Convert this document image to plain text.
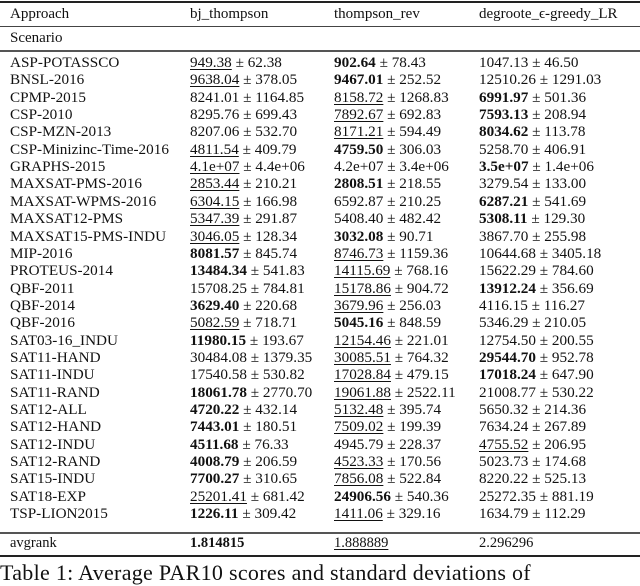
Approach	bj_thompson	thompson_rev	degroote_ϵ-greedy_LR
Scenario
ASP-POTASSCO	949.38 ± 62.38	902.64 ± 78.43	1047.13 ± 46.50
BNSL-2016	9638.04 ± 378.05 9467.01 ± 252.52 12510.26 ± 1291.03
CPMP-2015	8241.01 ± 1164.85 8158.72 ± 1268.83 6991.97 ± 501.36
CSP-2010	8295.76 ± 699.43 7892.67 ± 692.83 7593.13 ± 208.94
CSP-MZN-2013	8207.06 ± 532.70 8171.21 ± 594.49 8034.62 ± 113.78
CSP-Minizinc-Time-2016 4811.54 ± 409.79 4759.50 ± 306.03 5258.70 ± 406.91
GRAPHS-2015	4.1e+07 ± 4.4e+06 4.2e+07 ± 3.4e+06 3.5e+07 ± 1.4e+06
MAXSAT-PMS-2016	2853.44 ± 210.21 2808.51 ± 218.55 3279.54 ± 133.00
MAXSAT-WPMS-2016 6304.15 ± 166.98 6592.87 ± 210.25 6287.21 ± 541.69
MAXSAT12-PMS	5347.39 ± 291.87 5408.40 ± 482.42 5308.11 ± 129.30
MAXSAT15-PMS-INDU 3046.05 ± 128.34 3032.08 ± 90.71	3867.70 ± 255.98
MIP-2016	8081.57 ± 845.74 8746.73 ± 1159.36 10644.68 ± 3405.18
PROTEUS-2014	13484.34 ± 541.83 14115.69 ± 768.16 15622.29 ± 784.60
QBF-2011	15708.25 ± 784.81 15178.86 ± 904.72 13912.24 ± 356.69
QBF-2014	3629.40 ± 220.68 3679.96 ± 256.03 4116.15 ± 116.27
QBF-2016	5082.59 ± 718.71 5045.16 ± 848.59 5346.29 ± 210.05
SAT03-16_INDU	11980.15 ± 193.67 12154.46 ± 221.01 12754.50 ± 200.55
SAT11-HAND	30484.08 ± 1379.35 30085.51 ± 764.32 29544.70 ± 952.78
SAT11-INDU	17540.58 ± 530.82 17028.84 ± 479.15 17018.24 ± 647.90
SAT11-RAND	18061.78 ± 2770.70 19061.88 ± 2522.11 21008.77 ± 530.22
SAT12-ALL	4720.22 ± 432.14 5132.48 ± 395.74 5650.32 ± 214.36
SAT12-HAND	7443.01 ± 180.51 7509.02 ± 199.39 7634.24 ± 267.89
SAT12-INDU	4511.68 ± 76.33	4945.79 ± 228.37 4755.52 ± 206.95
SAT12-RAND	4008.79 ± 206.59 4523.33 ± 170.56 5023.73 ± 174.68
SAT15-INDU	7700.27 ± 310.65 7856.08 ± 522.84 8220.22 ± 525.13
SAT18-EXP	25201.41 ± 681.42 24906.56 ± 540.36 25272.35 ± 881.19
TSP-LION2015	1226.11 ± 309.42 1411.06 ± 329.16	1634.79 ± 112.29
avgrank	1.814815	1.888889	2.296296
Table 1: Average PAR10 scores and standard deviations of
